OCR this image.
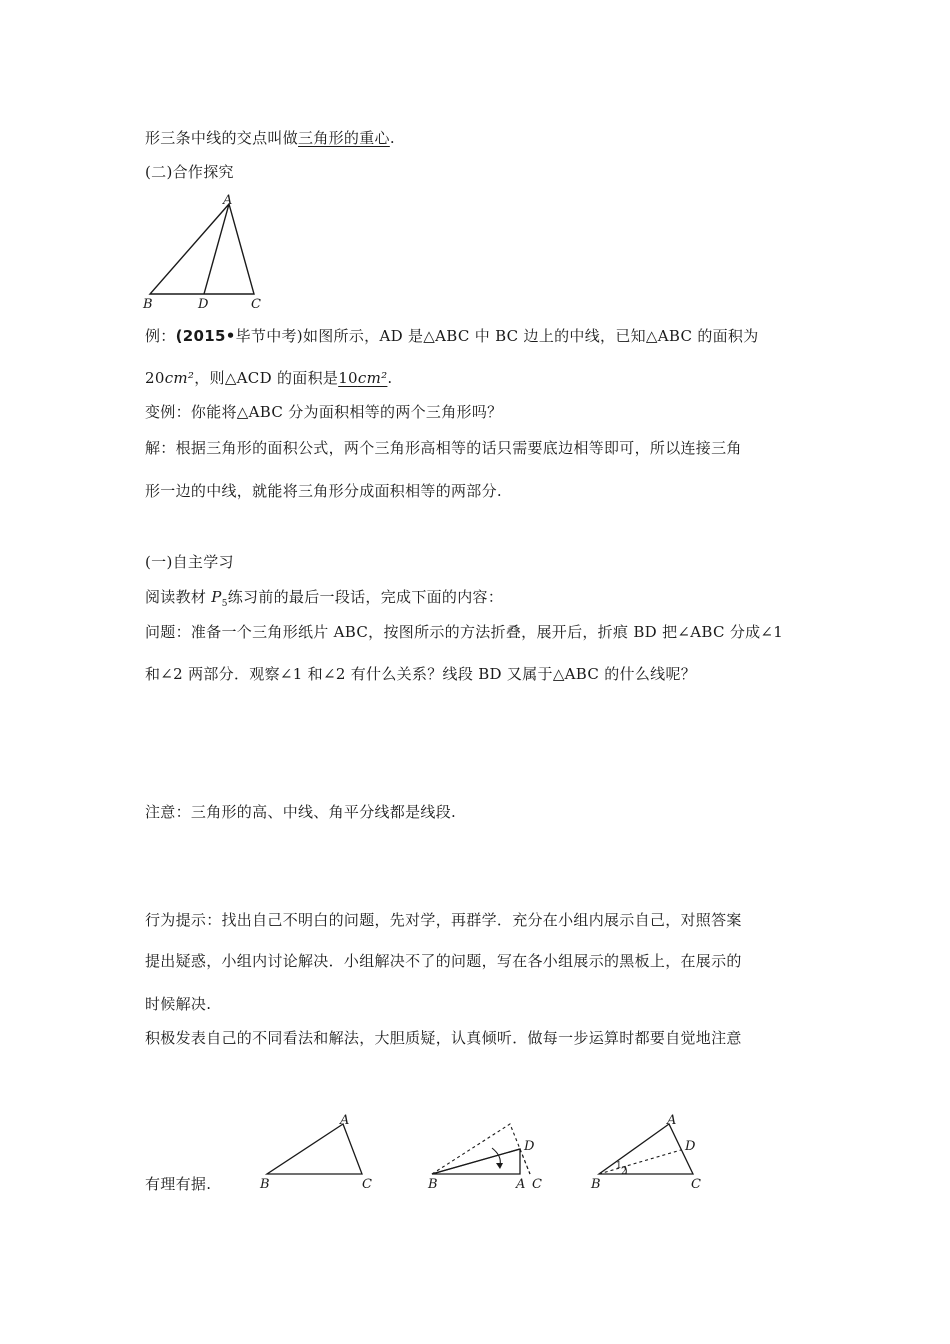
形三条中线的交点叫做三角形的重心.
(二)合作探究
A
B	D	C
例：(2015•毕节中考)如图所示，AD 是△ABC 中 BC 边上的中线，已知△ABC 的面积为
20cm²，则△ACD 的面积是10cm².
变例：你能将△ABC 分为面积相等的两个三角形吗？
解：根据三角形的面积公式，两个三角形高相等的话只需要底边相等即可，所以连接三角
形一边的中线，就能将三角形分成面积相等的两部分.
(一)自主学习
阅读教材 $P_5$练习前的最后一段话，完成下面的内容：
问题：准备一个三角形纸片 ABC，按图所示的方法折叠，展开后，折痕 BD 把∠ABC 分成∠1
和∠2 两部分．观察∠1 和∠2 有什么关系？线段 BD 又属于△ABC 的什么线呢？
注意：三角形的高、中线、角平分线都是线段.
行为提示：找出自己不明白的问题，先对学，再群学．充分在小组内展示自己，对照答案
提出疑惑，小组内讨论解决．小组解决不了的问题，写在各小组展示的黑板上，在展示的
时候解决.
积极发表自己的不同看法和解法，大胆质疑，认真倾听．做每一步运算时都要自觉地注意
有理有据.
A
B	C
D
B	A C
A
D
B	C
1
2
